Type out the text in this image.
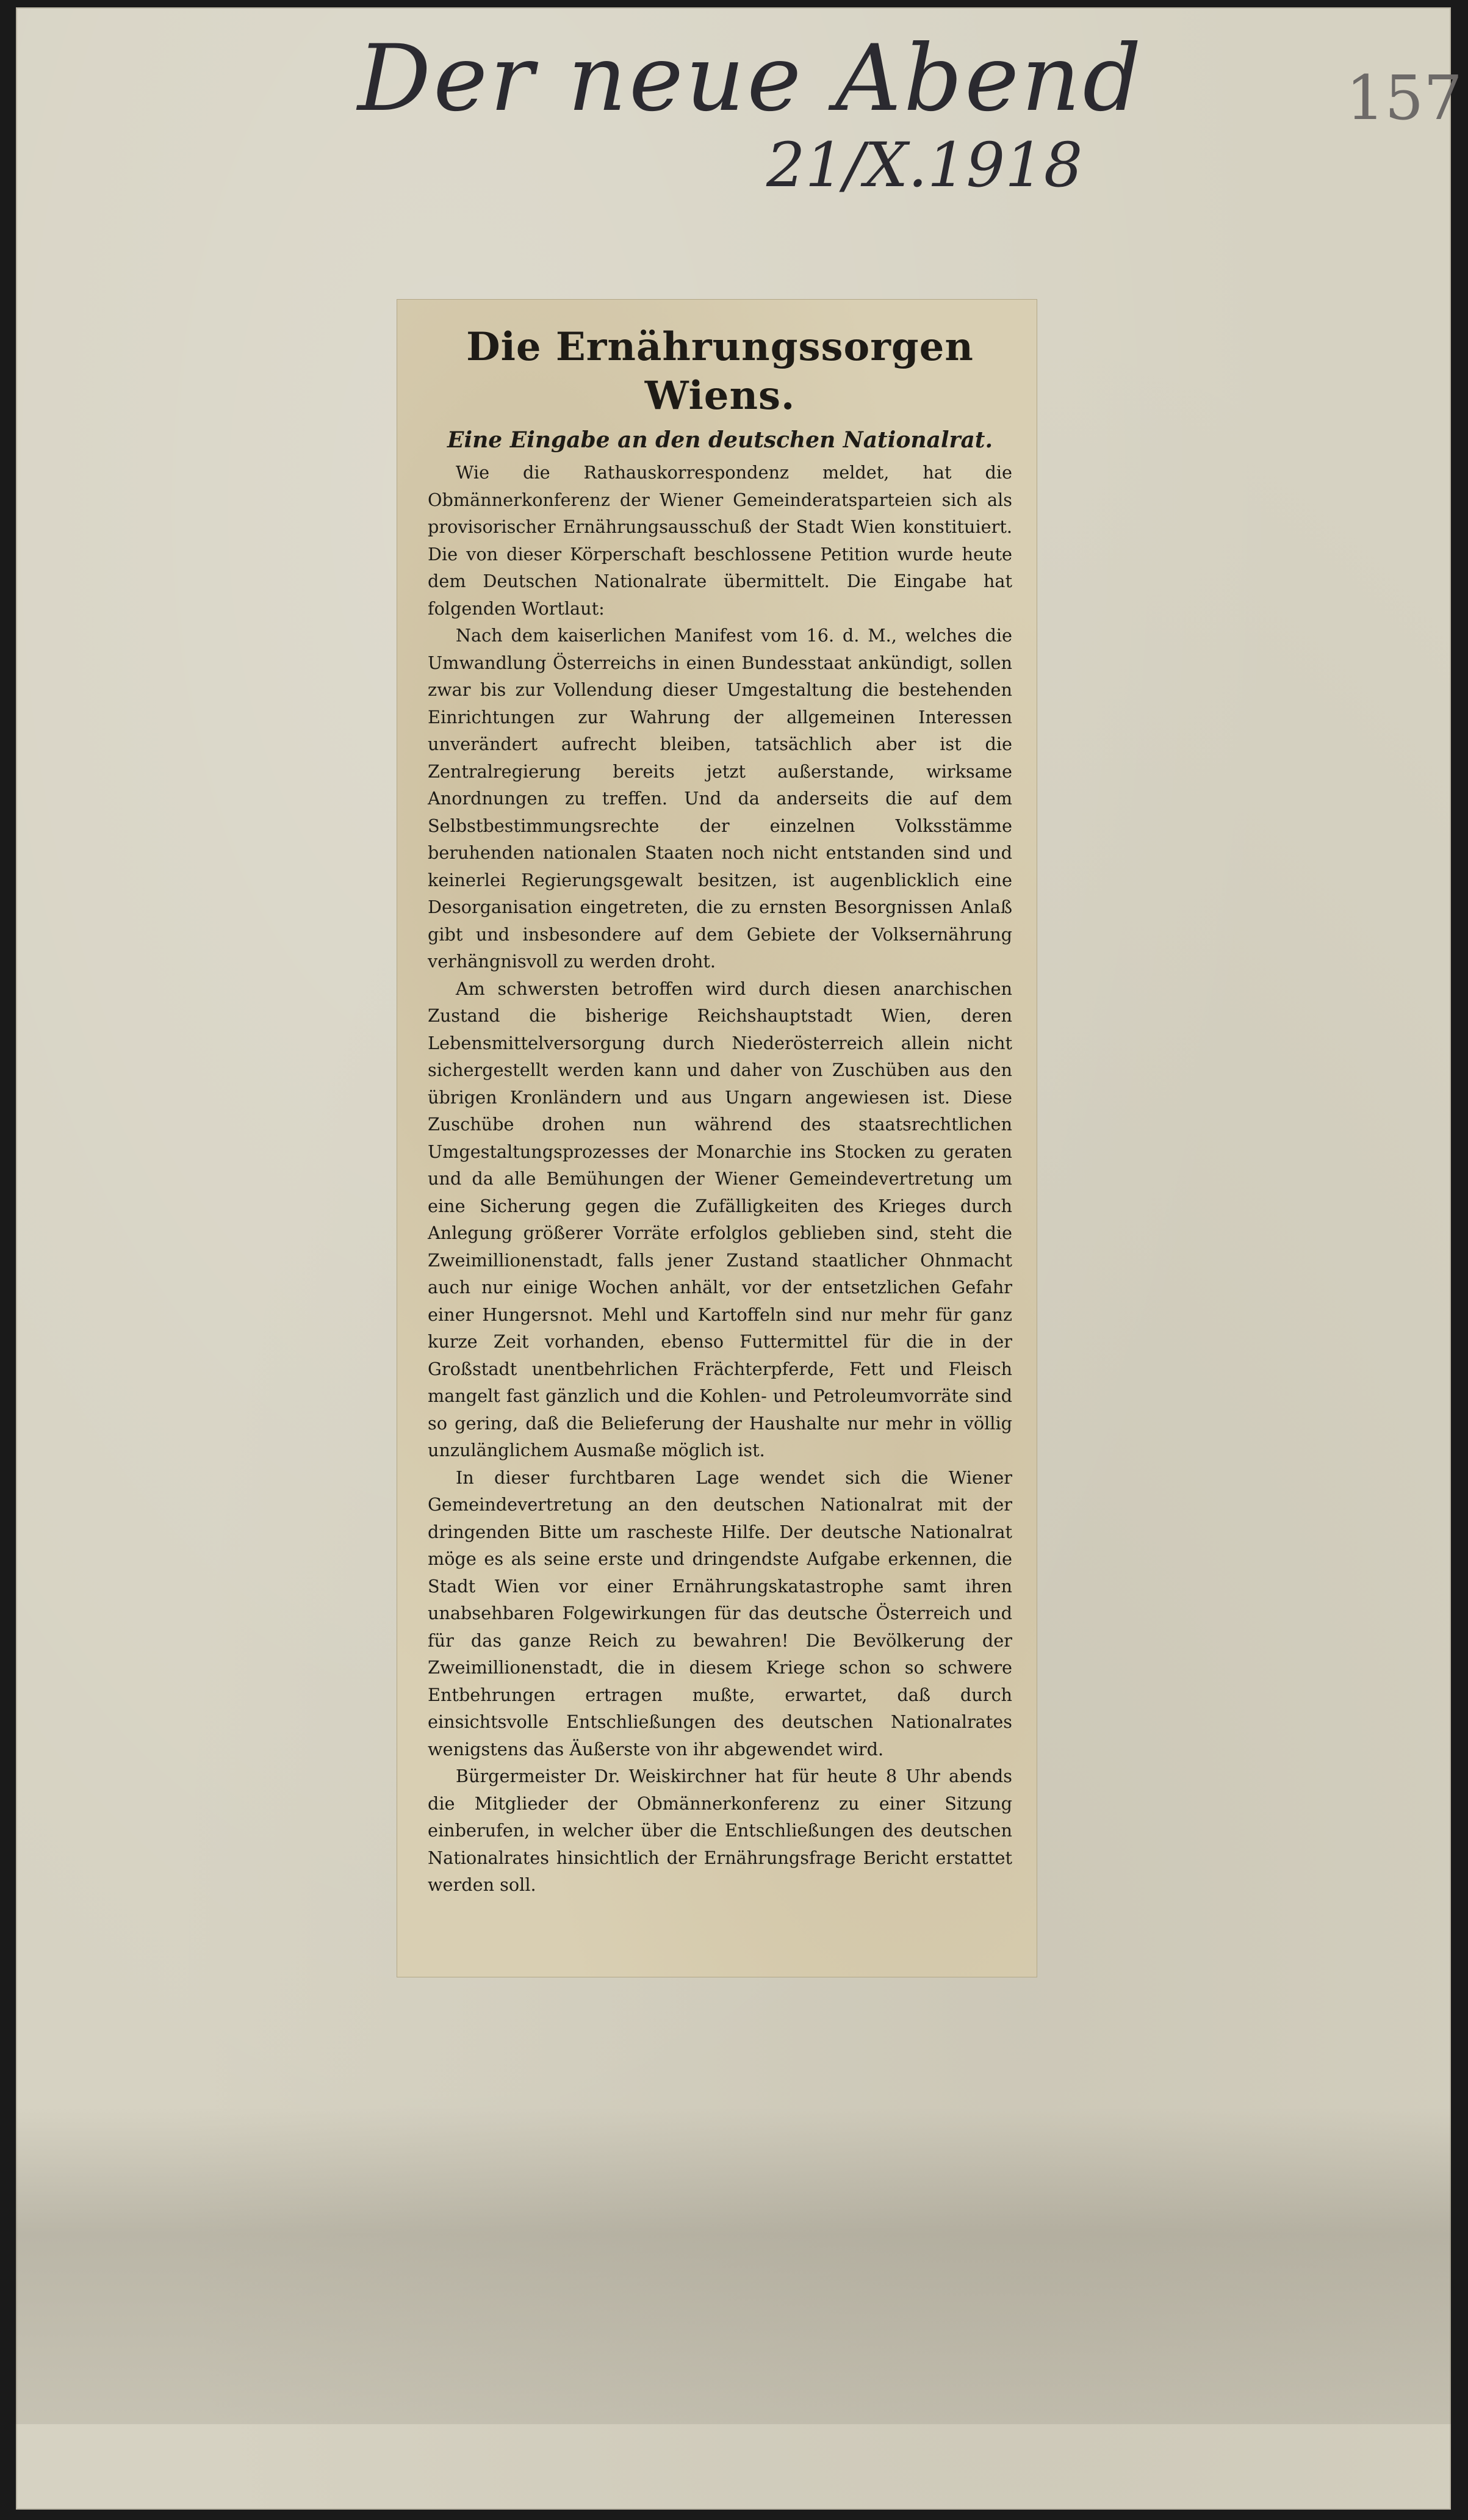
Der neue Abend
21/X.1918
157
Die Ernährungssorgen Wiens.
Eine Eingabe an den deutschen Nationalrat.

Wie die Rathauskorrespondenz meldet, hat die Obmännerkonferenz der Wiener Gemeinderatsparteien sich als provisorischer Ernährungsausschuß der Stadt Wien konstituiert. Die von dieser Körperschaft beschlossene Petition wurde heute dem Deutschen Nationalrate übermittelt. Die Eingabe hat folgenden Wortlaut:

Nach dem kaiserlichen Manifest vom 16. d. M., welches die Umwandlung Österreichs in einen Bundesstaat ankündigt, sollen zwar bis zur Vollendung dieser Umgestaltung die bestehenden Einrichtungen zur Wahrung der allgemeinen Interessen unverändert aufrecht bleiben, tatsächlich aber ist die Zentralregierung bereits jetzt außerstande, wirksame Anordnungen zu treffen. Und da anderseits die auf dem Selbstbestimmungsrechte der einzelnen Volksstämme beruhenden nationalen Staaten noch nicht entstanden sind und keinerlei Regierungsgewalt besitzen, ist augenblicklich eine Desorganisation eingetreten, die zu ernsten Besorgnissen Anlaß gibt und insbesondere auf dem Gebiete der Volksernährung verhängnisvoll zu werden droht.

Am schwersten betroffen wird durch diesen anarchischen Zustand die bisherige Reichshauptstadt Wien, deren Lebensmittelversorgung durch Niederösterreich allein nicht sichergestellt werden kann und daher von Zuschüben aus den übrigen Kronländern und aus Ungarn angewiesen ist. Diese Zuschübe drohen nun während des staatsrechtlichen Umgestaltungsprozesses der Monarchie ins Stocken zu geraten und da alle Bemühungen der Wiener Gemeindevertretung um eine Sicherung gegen die Zufälligkeiten des Krieges durch Anlegung größerer Vorräte erfolglos geblieben sind, steht die Zweimillionenstadt, falls jener Zustand staatlicher Ohnmacht auch nur einige Wochen anhält, vor der entsetzlichen Gefahr einer Hungersnot. Mehl und Kartoffeln sind nur mehr für ganz kurze Zeit vorhanden, ebenso Futtermittel für die in der Großstadt unentbehrlichen Frächterpferde, Fett und Fleisch mangelt fast gänzlich und die Kohlen- und Petroleumvorräte sind so gering, daß die Belieferung der Haushalte nur mehr in völlig unzulänglichem Ausmaße möglich ist.

In dieser furchtbaren Lage wendet sich die Wiener Gemeindevertretung an den deutschen Nationalrat mit der dringenden Bitte um rascheste Hilfe. Der deutsche Nationalrat möge es als seine erste und dringendste Aufgabe erkennen, die Stadt Wien vor einer Ernährungskatastrophe samt ihren unabsehbaren Folgewirkungen für das deutsche Österreich und für das ganze Reich zu bewahren! Die Bevölkerung der Zweimillionenstadt, die in diesem Kriege schon so schwere Entbehrungen ertragen mußte, erwartet, daß durch einsichtsvolle Entschließungen des deutschen Nationalrates wenigstens das Äußerste von ihr abgewendet wird.

Bürgermeister Dr. Weiskirchner hat für heute 8 Uhr abends die Mitglieder der Obmännerkonferenz zu einer Sitzung einberufen, in welcher über die Entschließungen des deutschen Nationalrates hinsichtlich der Ernährungsfrage Bericht erstattet werden soll.
